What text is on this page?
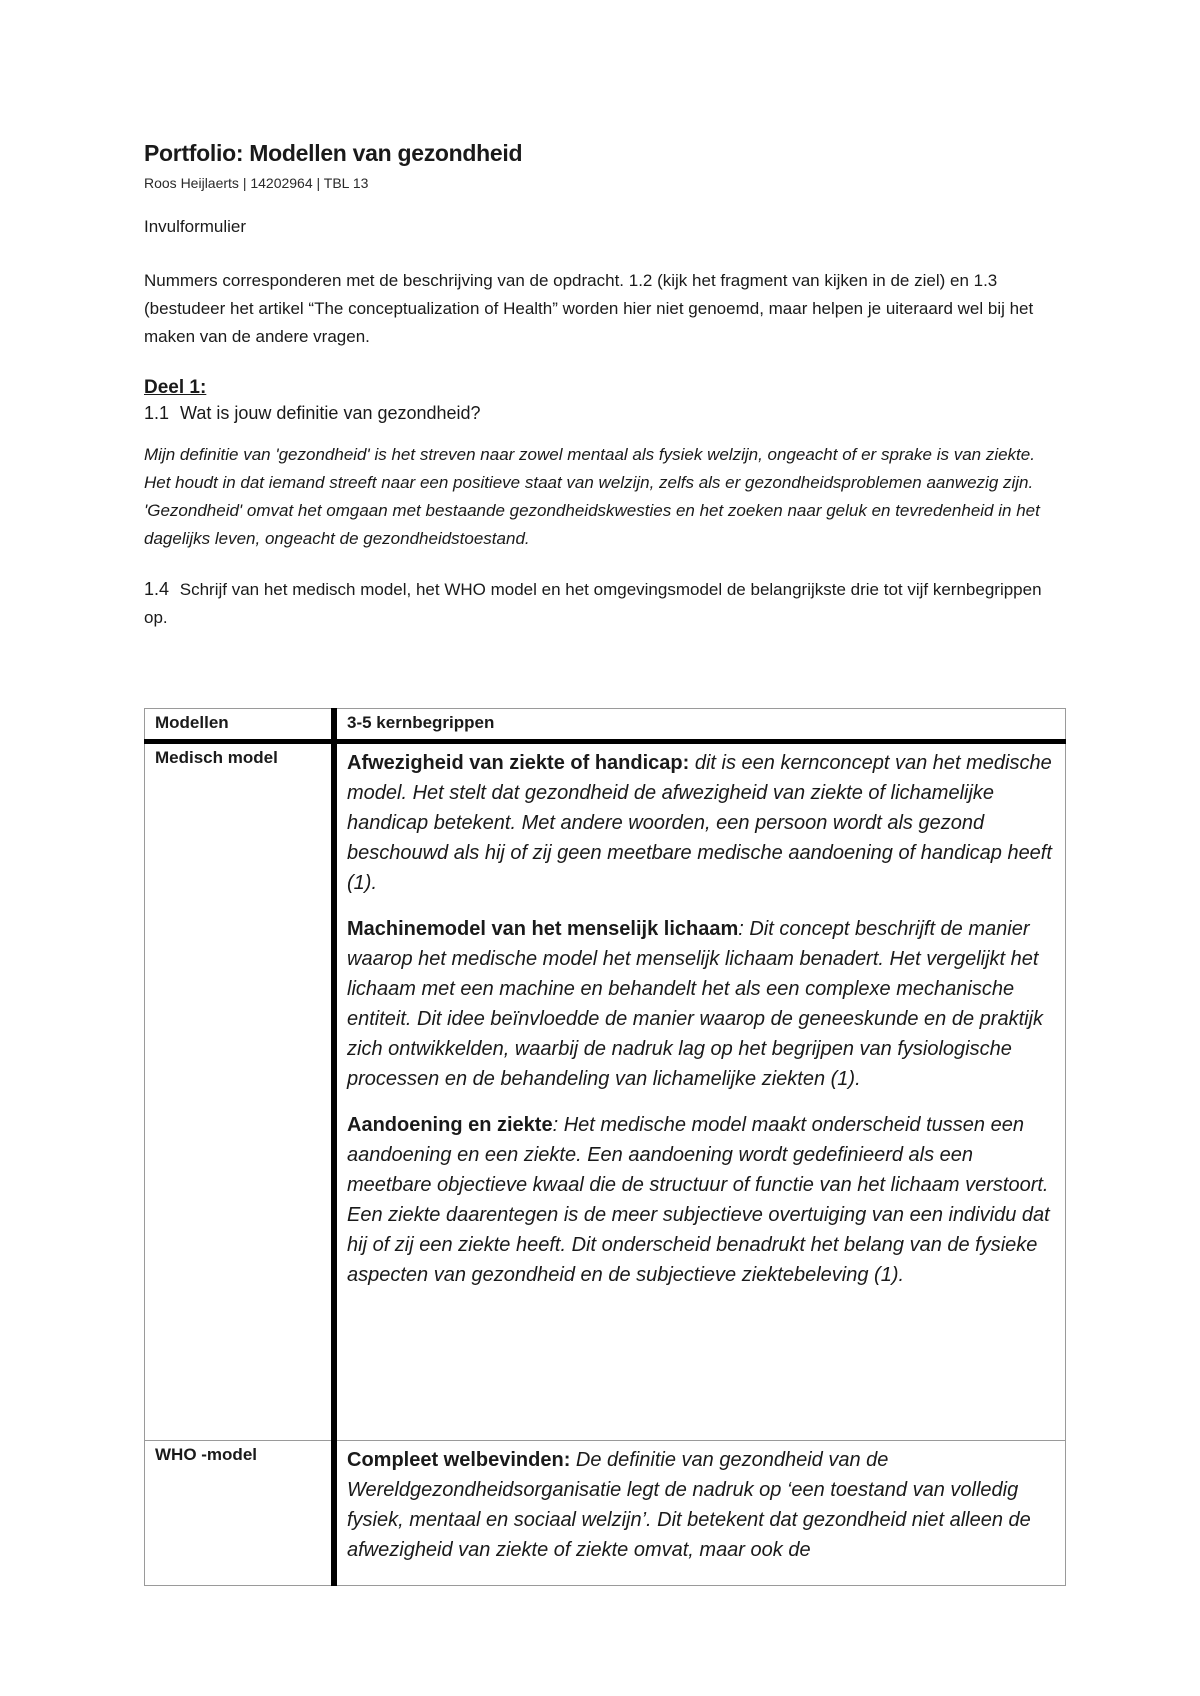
Portfolio: Modellen van gezondheid
Roos Heijlaerts | 14202964 | TBL 13
Invulformulier
Nummers corresponderen met de beschrijving van de opdracht. 1.2 (kijk het fragment van kijken in de ziel) en 1.3 (bestudeer het artikel “The conceptualization of Health” worden hier niet genoemd, maar helpen je uiteraard wel bij het maken van de andere vragen.
Deel 1:
1.1 Wat is jouw definitie van gezondheid?
Mijn definitie van 'gezondheid' is het streven naar zowel mentaal als fysiek welzijn, ongeacht of er sprake is van ziekte. Het houdt in dat iemand streeft naar een positieve staat van welzijn, zelfs als er gezondheidsproblemen aanwezig zijn. 'Gezondheid' omvat het omgaan met bestaande gezondheidskwesties en het zoeken naar geluk en tevredenheid in het dagelijks leven, ongeacht de gezondheidstoestand.
1.4 Schrijf van het medisch model, het WHO model en het omgevingsmodel de belangrijkste drie tot vijf kernbegrippen op.
Modellen	3-5 kernbegrippen
Medisch model	Afwezigheid van ziekte of handicap: dit is een kernconcept van het medische model. Het stelt dat gezondheid de afwezigheid van ziekte of lichamelijke handicap betekent. Met andere woorden, een persoon wordt als gezond beschouwd als hij of zij geen meetbare medische aandoening of handicap heeft (1).

Machinemodel van het menselijk lichaam: Dit concept beschrijft de manier waarop het medische model het menselijk lichaam benadert. Het vergelijkt het lichaam met een machine en behandelt het als een complexe mechanische entiteit. Dit idee beïnvloedde de manier waarop de geneeskunde en de praktijk zich ontwikkelden, waarbij de nadruk lag op het begrijpen van fysiologische processen en de behandeling van lichamelijke ziekten (1).

Aandoening en ziekte: Het medische model maakt onderscheid tussen een aandoening en een ziekte. Een aandoening wordt gedefinieerd als een meetbare objectieve kwaal die de structuur of functie van het lichaam verstoort. Een ziekte daarentegen is de meer subjectieve overtuiging van een individu dat hij of zij een ziekte heeft. Dit onderscheid benadrukt het belang van de fysieke aspecten van gezondheid en de subjectieve ziektebeleving (1).

WHO -model	Compleet welbevinden: De definitie van gezondheid van de Wereldgezondheidsorganisatie legt de nadruk op ‘een toestand van volledig fysiek, mentaal en sociaal welzijn’. Dit betekent dat gezondheid niet alleen de afwezigheid van ziekte of ziekte omvat, maar ook de
